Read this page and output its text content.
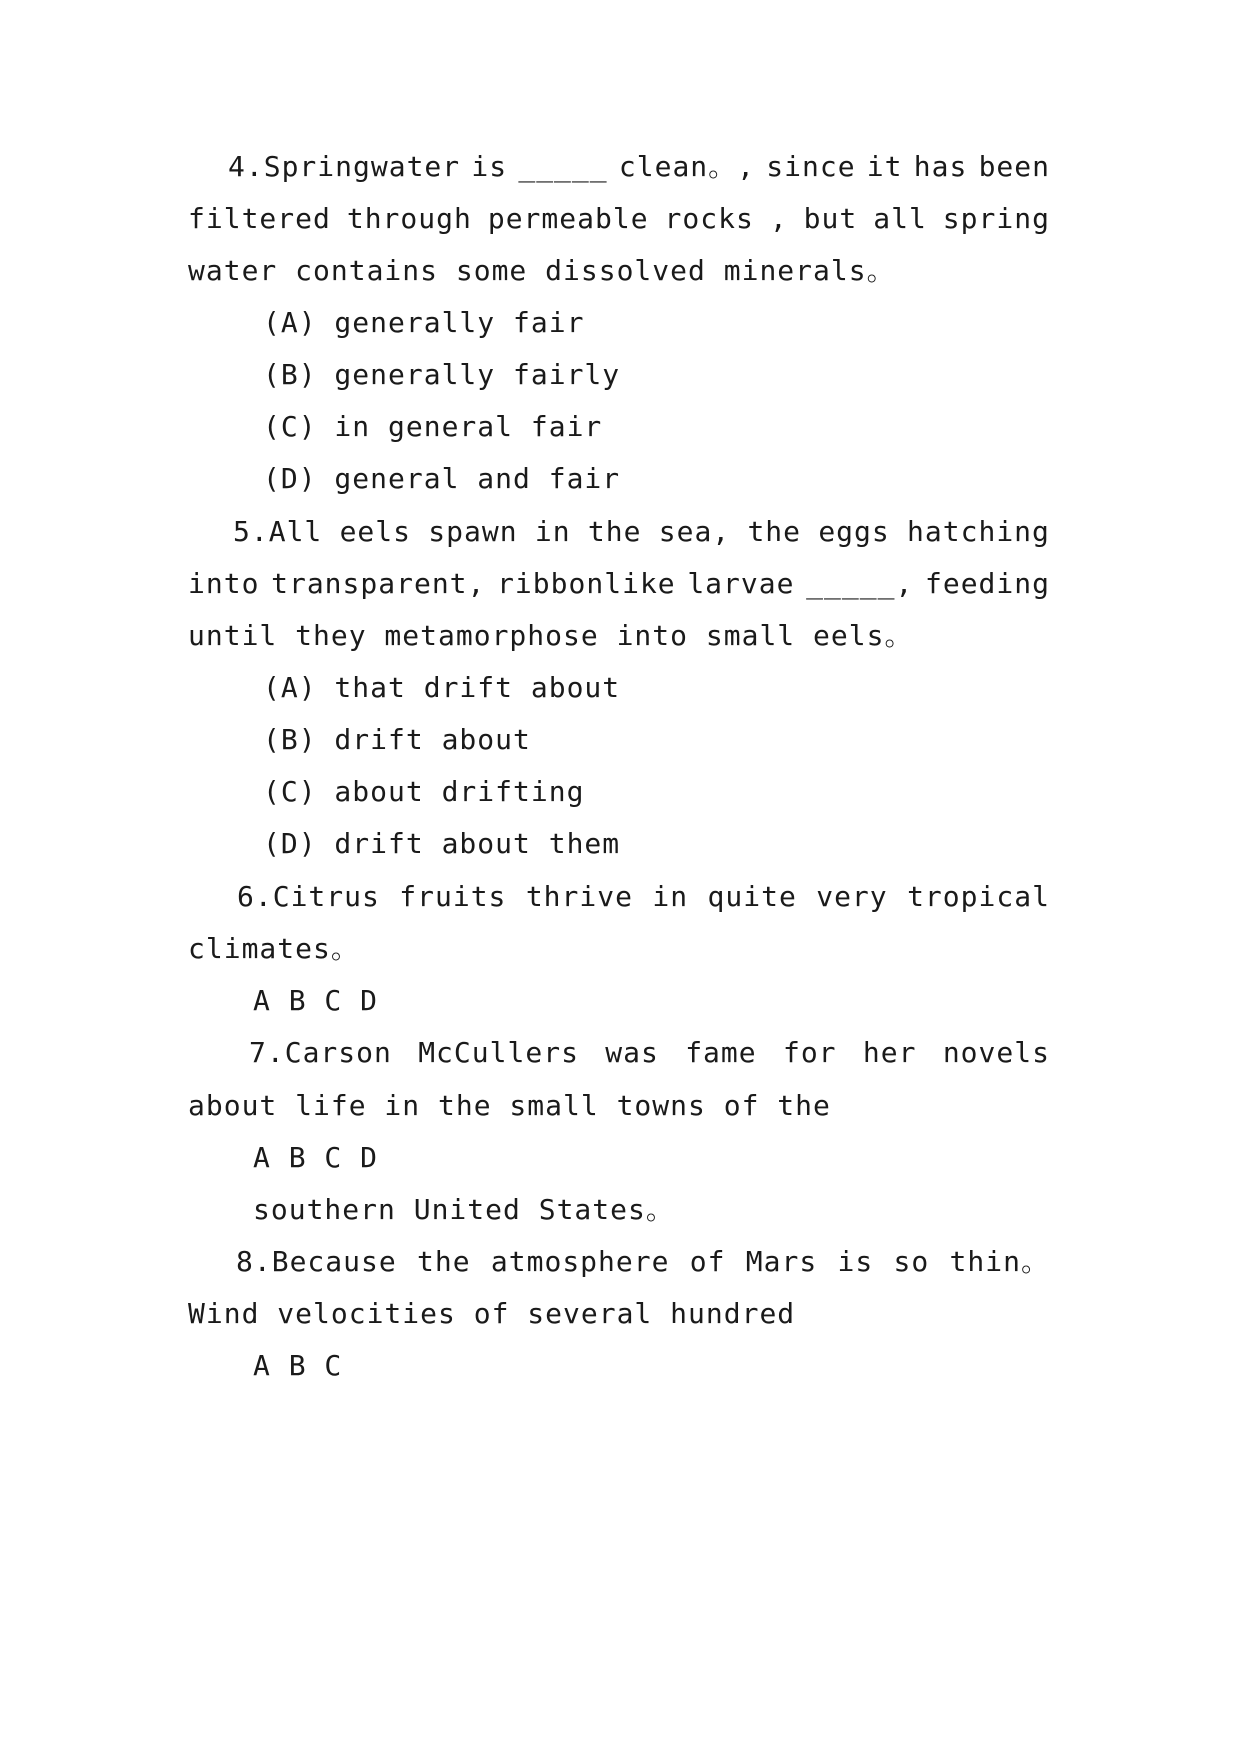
4.Springwater is _____ clean。, since it has been
filtered through permeable rocks , but all spring
water contains some dissolved minerals。
(A) generally fair
(B) generally fairly
(C) in general fair
(D) general and fair
5.All eels spawn in the sea, the eggs hatching
into transparent, ribbonlike larvae _____, feeding
until they metamorphose into small eels。
(A) that drift about
(B) drift about
(C) about drifting
(D) drift about them
6.Citrus fruits thrive in quite very tropical
climates。
A B C D
7.Carson McCullers was fame for her novels
about life in the small towns of the
A B C D
southern United States。
8.Because the atmosphere of Mars is so thin。
Wind velocities of several hundred
A B C
